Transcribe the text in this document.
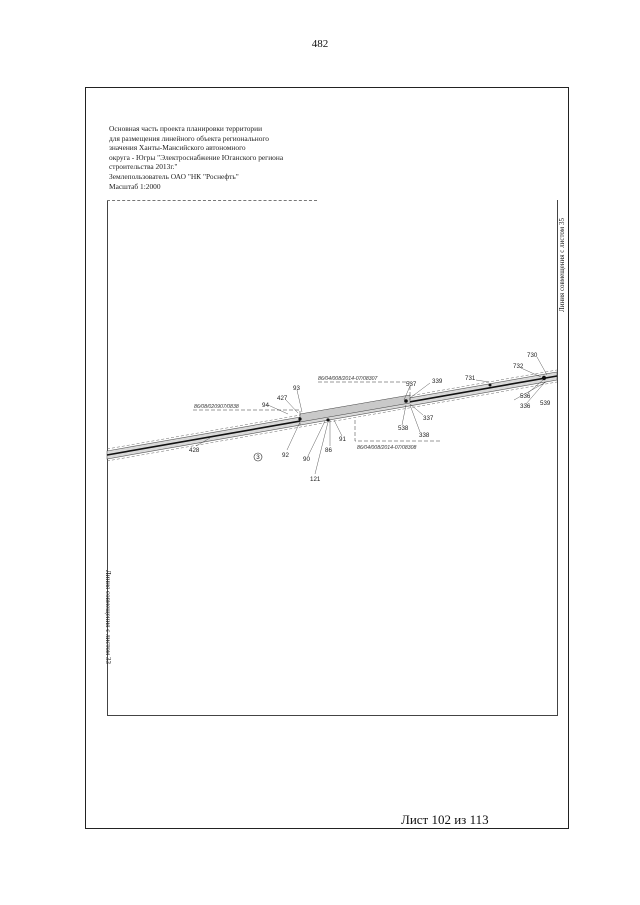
482
Основная часть проекта планировки территории
для размещения линейного объекта регионального
значения Ханты-Мансийского автономного
округа - Югры "Электроснабжение Юганского региона
строительства 2013г."
Землепользователь ОАО "НК "Роснефть"
Масштаб 1:2000
Линия совмещения с листом 35
Линия совмещения с листом 33
3
86/08/020907/0838
86/04/008/2014-07/08307
86/04/008/2014-07/08308
428
94
427
93
92
90
86
91
121
537	339
337
538
338
731
732
730
536
336 539
Лист 102 из 113
